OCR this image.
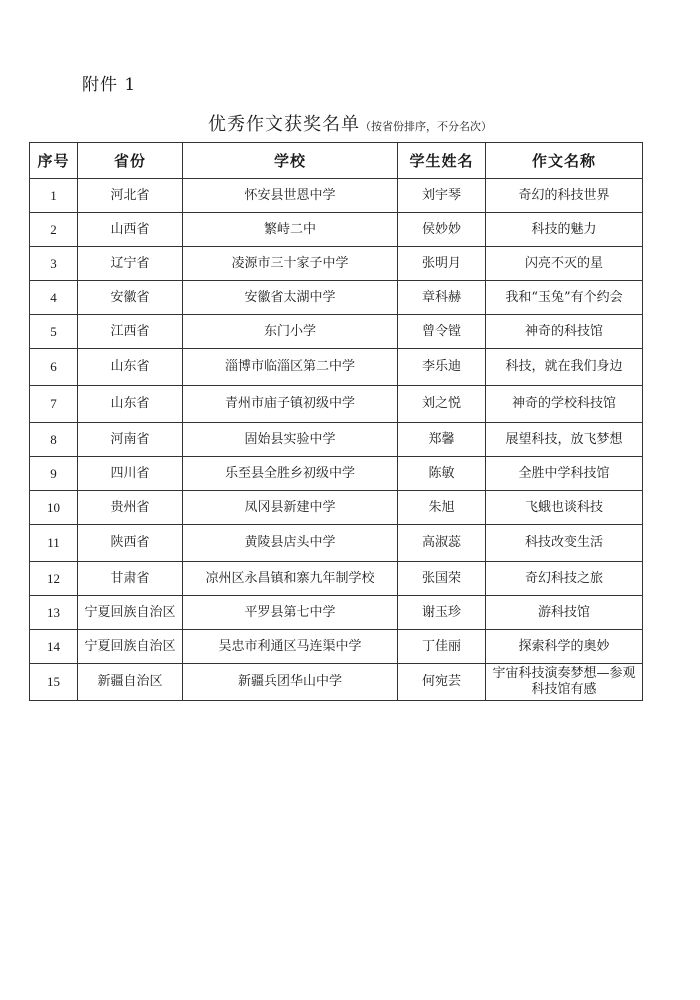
附件 1
优秀作文获奖名单（按省份排序，不分名次）
序号	省份	学校	学生姓名	作文名称
1	河北省	怀安县世恩中学	刘宇琴	奇幻的科技世界
2	山西省	繁峙二中	侯妙妙	科技的魅力
3	辽宁省	凌源市三十家子中学	张明月	闪亮不灭的星
4	安徽省	安徽省太湖中学	章科赫	我和“玉兔”有个约会
5	江西省	东门小学	曾令镗	神奇的科技馆
6	山东省	淄博市临淄区第二中学	李乐迪	科技，就在我们身边
7	山东省	青州市庙子镇初级中学	刘之悦	神奇的学校科技馆
8	河南省	固始县实验中学	郑馨	展望科技，放飞梦想
9	四川省	乐至县全胜乡初级中学	陈敏	全胜中学科技馆
10	贵州省	凤冈县新建中学	朱旭	飞蛾也谈科技
11	陕西省	黄陵县店头中学	高淑蕊	科技改变生活
12	甘肃省	凉州区永昌镇和寨九年制学校	张国荣	奇幻科技之旅
13	宁夏回族自治区	平罗县第七中学	谢玉珍	游科技馆
14	宁夏回族自治区	吴忠市利通区马连渠中学	丁佳丽	探索科学的奥妙
15	新疆自治区	新疆兵团华山中学	何宛芸	宇宙科技演奏梦想—参观科技馆有感
